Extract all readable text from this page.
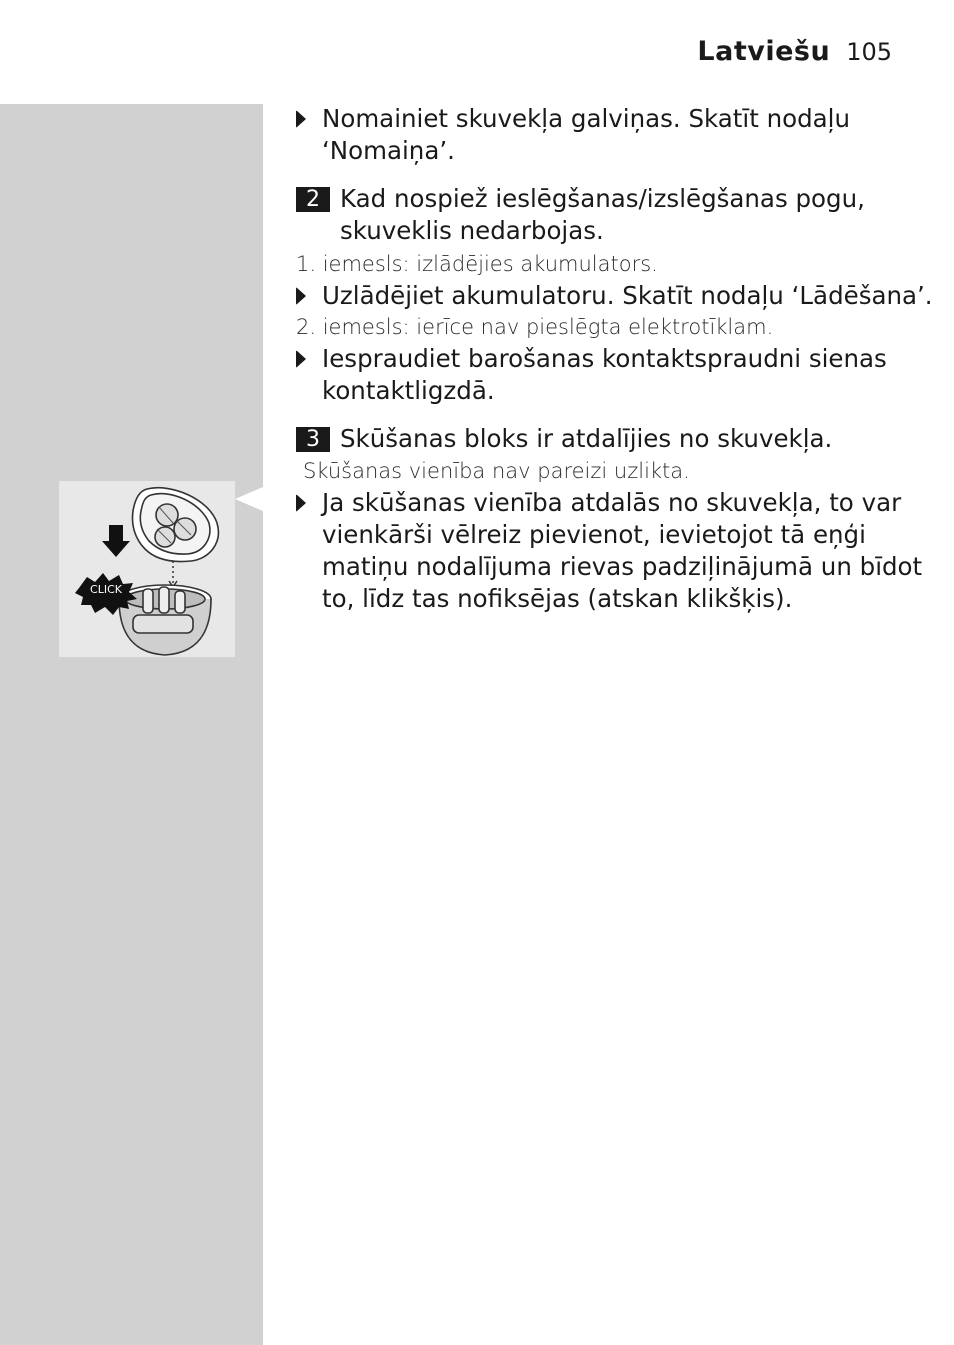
CLICK
Latviešu 105
Nomainiet skuvekļa galviņas. Skatīt nodaļu
‘Nomaiņa’.
2 Kad nospiež ieslēgšanas/izslēgšanas pogu,
skuveklis nedarbojas.
1. iemesls: izlādējies akumulators.
Uzlādējiet akumulatoru. Skatīt nodaļu ‘Lādēšana’.
2. iemesls: ierīce nav pieslēgta elektrotīklam.
Iespraudiet barošanas kontaktspraudni sienas
kontaktligzdā.
3 Skūšanas bloks ir atdalījies no skuvekļa.
Skūšanas vienība nav pareizi uzlikta.
Ja skūšanas vienība atdalās no skuvekļa, to var
vienkārši vēlreiz pievienot, ievietojot tā eņģi
matiņu nodalījuma rievas padziļinājumā un bīdot
to, līdz tas nofiksējas (atskan klikšķis).
